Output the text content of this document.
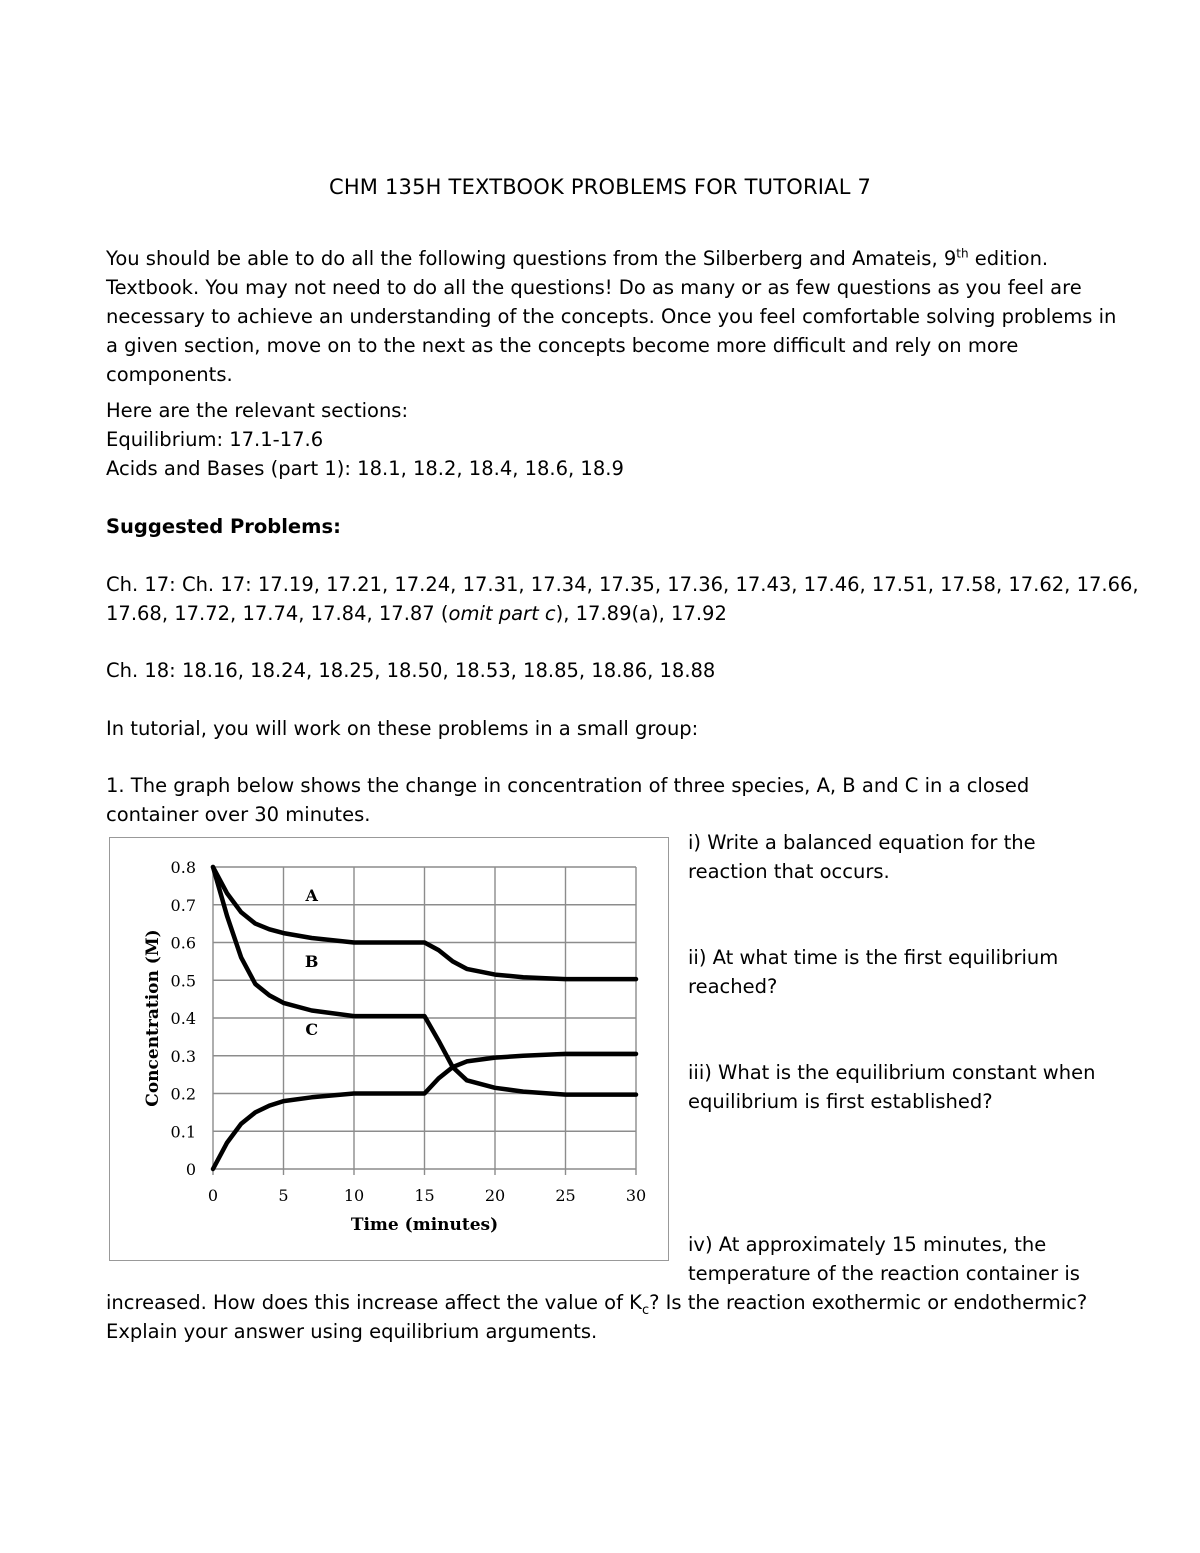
CHM 135H TEXTBOOK PROBLEMS FOR TUTORIAL 7
You should be able to do all the following questions from the Silberberg and Amateis, 9th edition.
Textbook. You may not need to do all the questions! Do as many or as few questions as you feel are
necessary to achieve an understanding of the concepts. Once you feel comfortable solving problems in
a given section, move on to the next as the concepts become more difficult and rely on more
components.
Here are the relevant sections:
Equilibrium: 17.1-17.6
Acids and Bases (part 1): 18.1, 18.2, 18.4, 18.6, 18.9
Suggested Problems:
Ch. 17: Ch. 17: 17.19, 17.21, 17.24, 17.31, 17.34, 17.35, 17.36, 17.43, 17.46, 17.51, 17.58, 17.62, 17.66,
17.68, 17.72, 17.74, 17.84, 17.87 (omit part c), 17.89(a), 17.92
Ch. 18: 18.16, 18.24, 18.25, 18.50, 18.53, 18.85, 18.86, 18.88
In tutorial, you will work on these problems in a small group:
1. The graph below shows the change in concentration of three species, A, B and C in a closed
container over 30 minutes.
0
0.1
0.2
0.3
0.4
0.5
0.6
0.7
0.8
0	5	10	15	20	25	30
Time (minutes)
Concentration (M)
A
B
C
i) Write a balanced equation for the
reaction that occurs.
ii) At what time is the first equilibrium
reached?
iii) What is the equilibrium constant when
equilibrium is first established?
iv) At approximately 15 minutes, the
temperature of the reaction container is
increased. How does this increase affect the value of $K_c$? Is the reaction exothermic or endothermic?
Explain your answer using equilibrium arguments.
